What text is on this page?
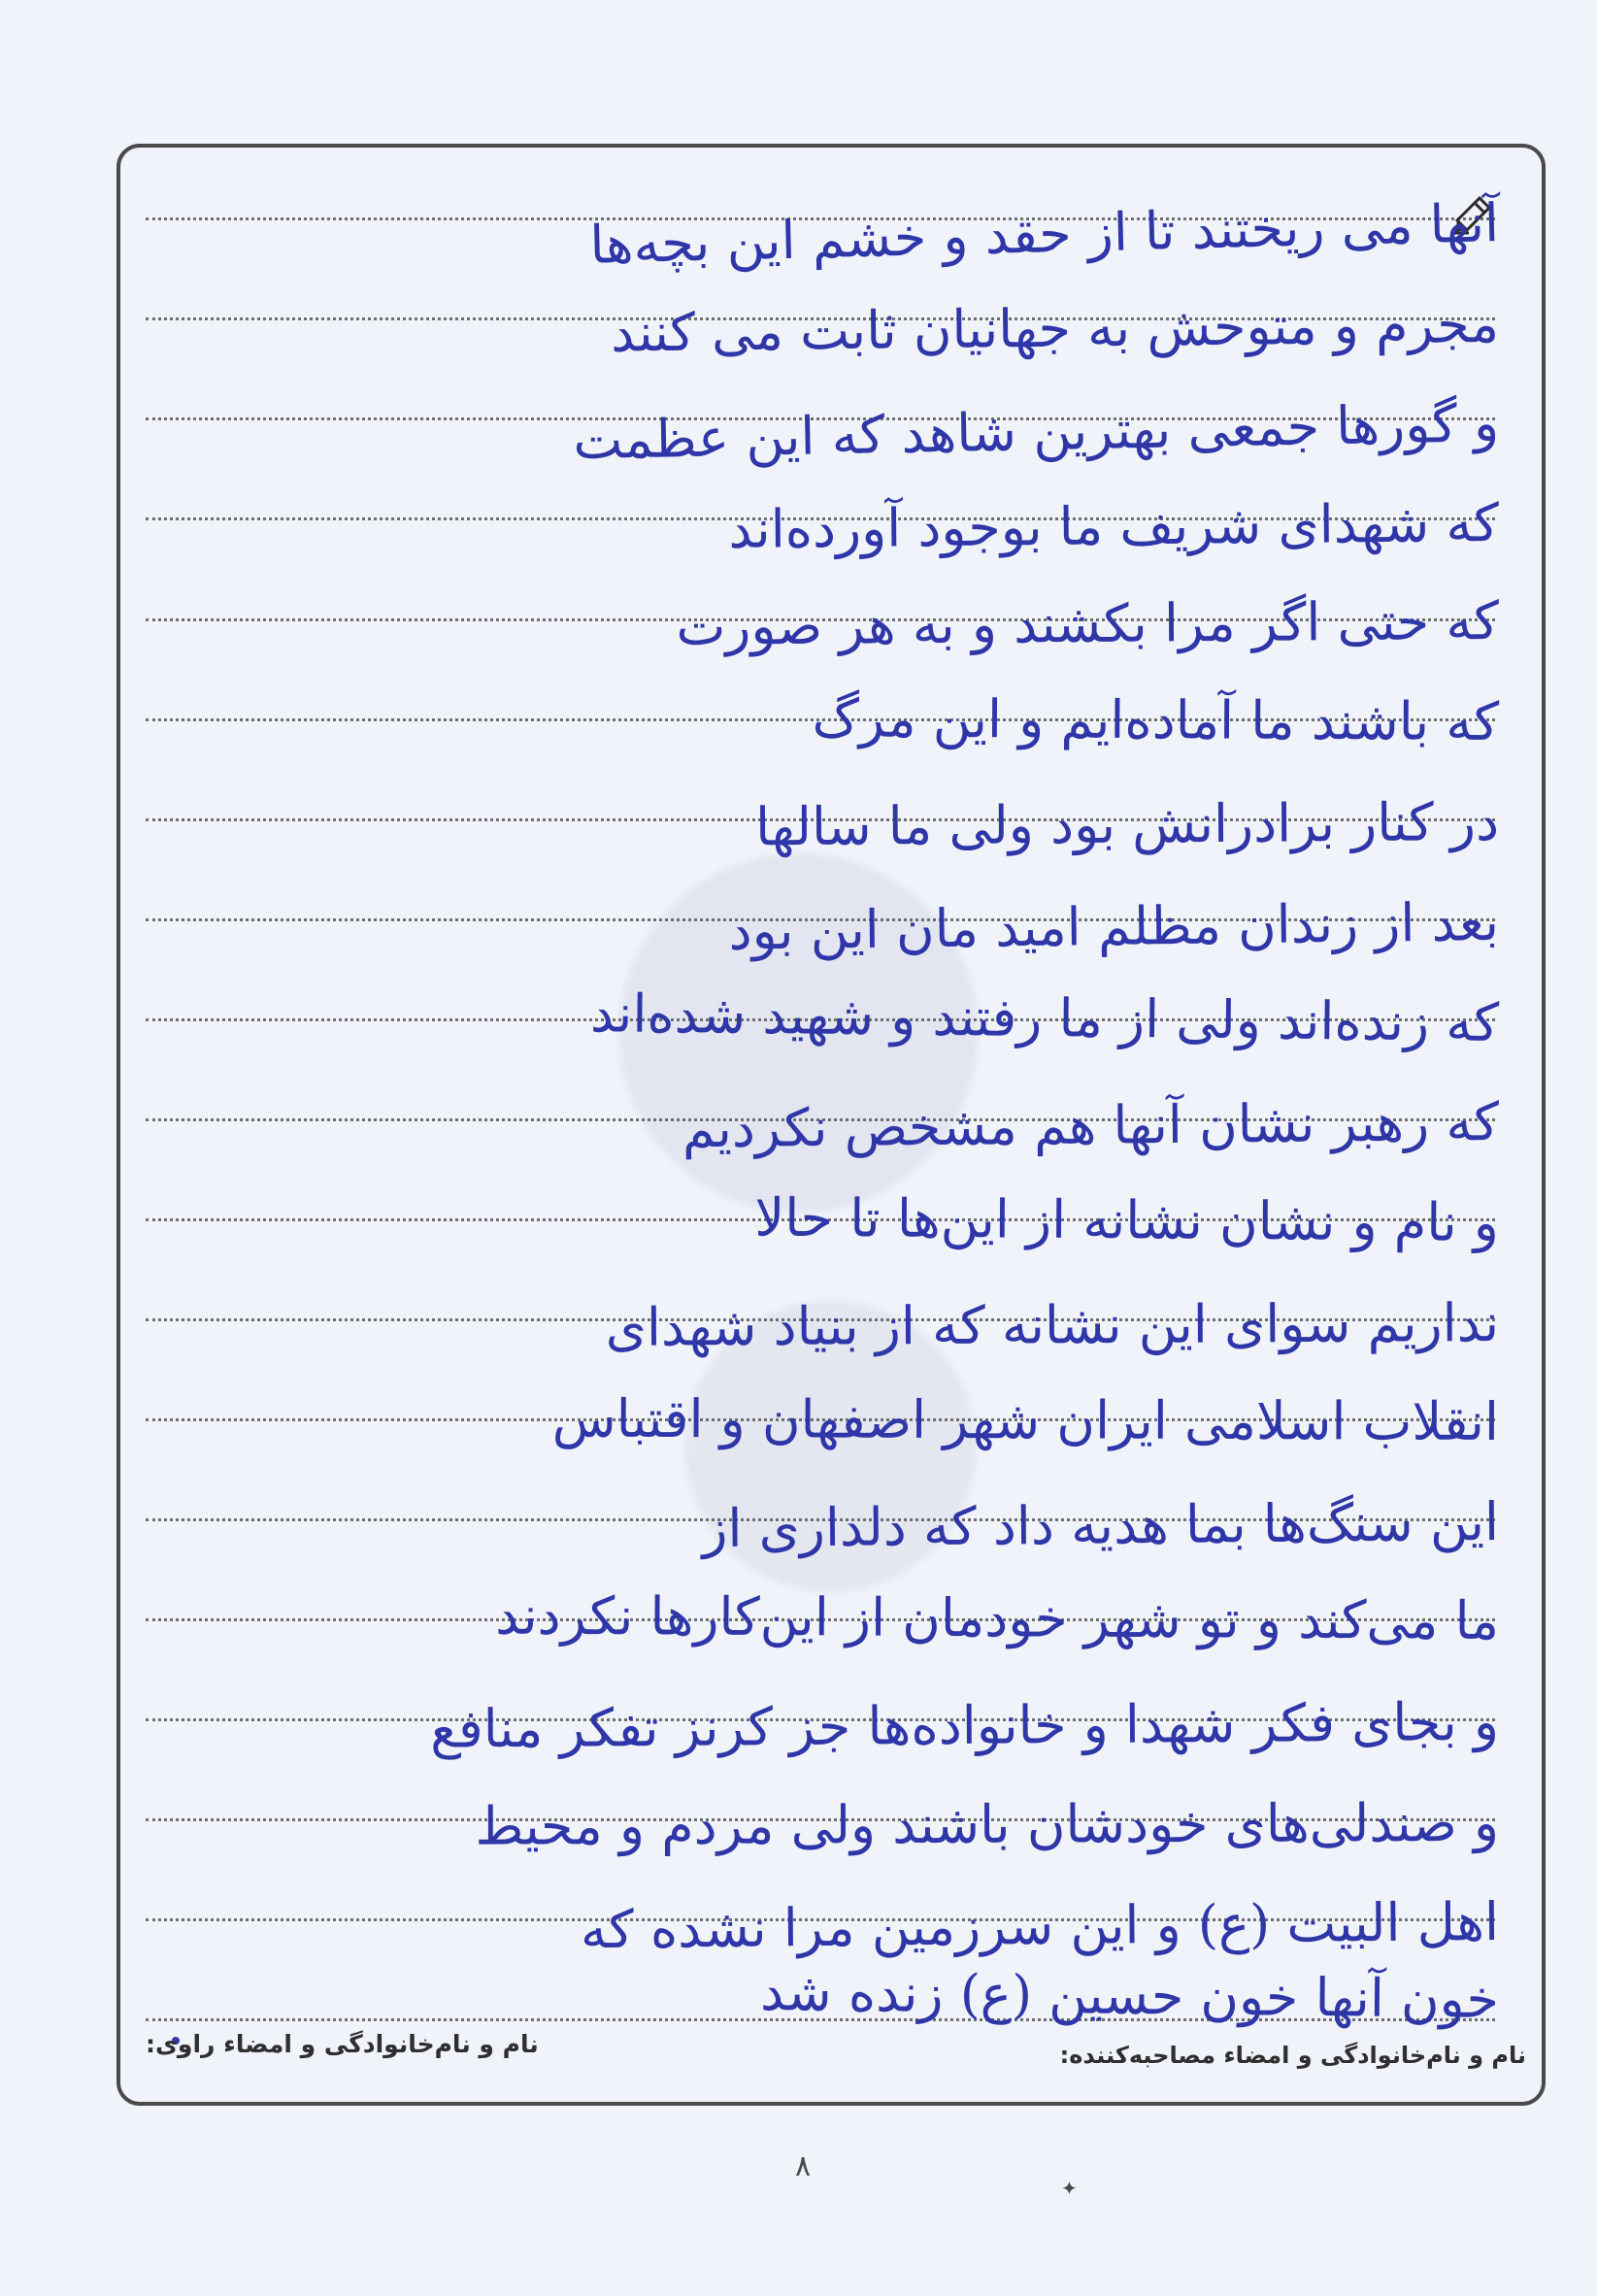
آنها می ریختند تا از حقد و خشم این بچه‌ها
مجرم و متوحش به جهانیان ثابت می کنند
و گورها جمعی بهترین شاهد که این عظمت
که شهدای شریف ما بوجود آورده‌اند
که حتی اگر مرا بکشند و به هر صورت
که باشند ما آماده‌ایم و این مرگ
در کنار برادرانش بود ولی ما سالها
بعد از زندان مظلم امید مان این بود
که زنده‌اند ولی از ما رفتند و شهید شده‌اند
که رهبر نشان آنها هم مشخص نکردیم
و نام و نشان نشانه از این‌ها تا حالا
نداریم سوای این نشانه که از بنیاد شهدای
انقلاب اسلامی ایران شهر اصفهان و اقتباس
این سنگ‌ها بما هدیه داد که دلداری از
ما می‌کند و تو شهر خودمان از این‌کارها نکردند
و بجای فکر شهدا و خانواده‌ها جز کرنز تفکر منافع
و صندلی‌های خودشان باشند ولی مردم و محیط
اهل البیت (ع) و این سرزمین مرا نشده که
خون آنها خون حسین (ع) زنده شد
نام و نام‌خانوادگی و امضاء مصاحبه‌کننده:
نام و نام‌خانوادگی و امضاء راوی:
۸
✦
